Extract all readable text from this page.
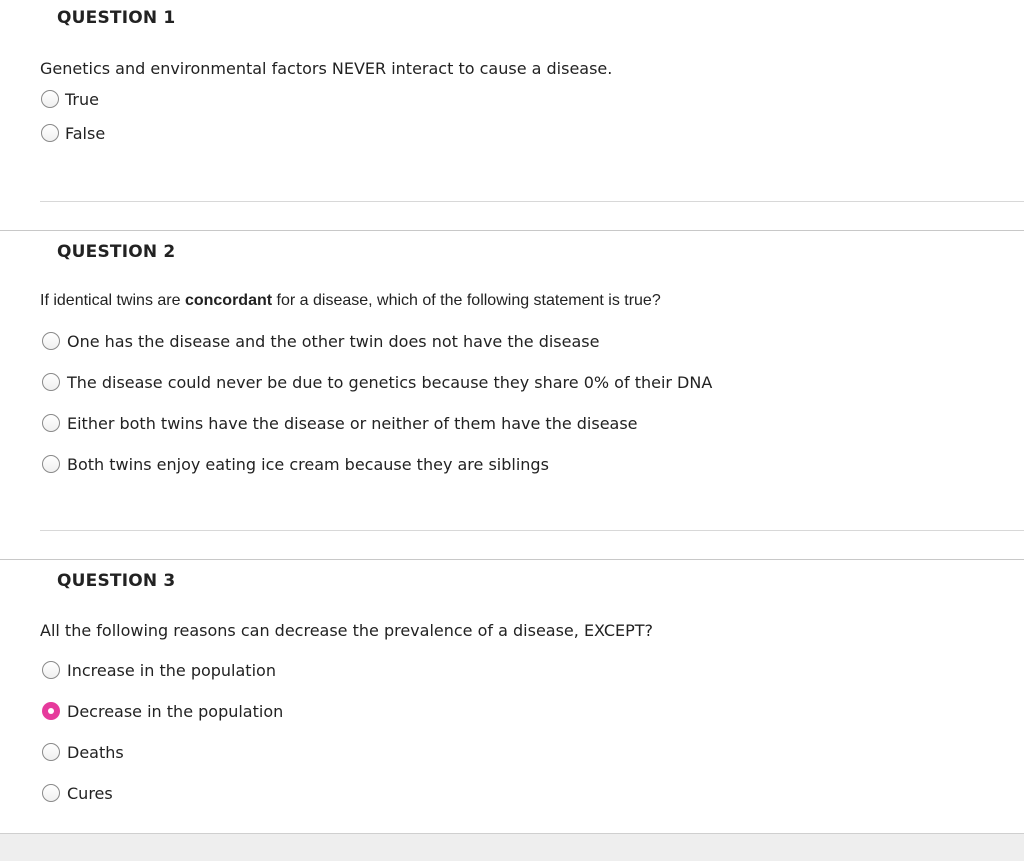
QUESTION 1
Genetics and environmental factors NEVER interact to cause a disease.
True
False
QUESTION 2
If identical twins are concordant for a disease, which of the following statement is true?
One has the disease and the other twin does not have the disease
The disease could never be due to genetics because they share 0% of their DNA
Either both twins have the disease or neither of them have the disease
Both twins enjoy eating ice cream because they are siblings
QUESTION 3
All the following reasons can decrease the prevalence of a disease, EXCEPT?
Increase in the population
Decrease in the population
Deaths
Cures
